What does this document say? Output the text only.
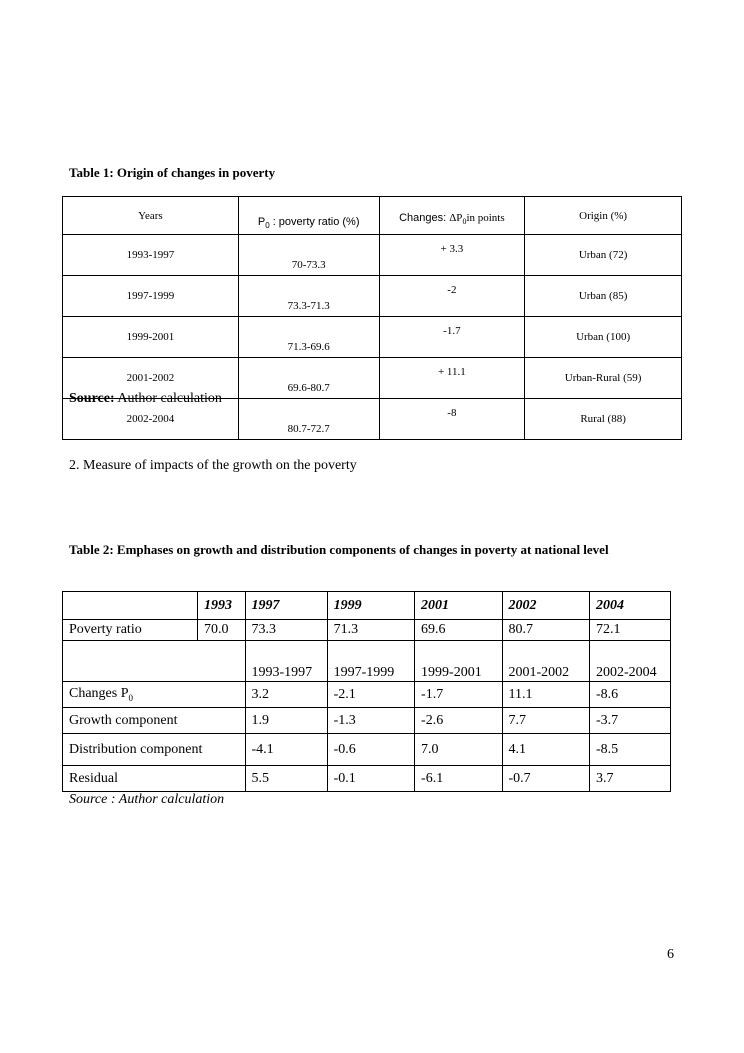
Table 1: Origin of changes in poverty
Years	$P_0$ : poverty ratio (%)	Changes: $\Delta P_0in$ points	Origin (%)
1993-1997	70-73.3	+ 3.3	Urban (72)
1997-1999	73.3-71.3	-2	Urban (85)
1999-2001	71.3-69.6	-1.7	Urban (100)
2001-2002	69.6-80.7	+ 11.1	Urban-Rural (59)
2002-2004	80.7-72.7	-8	Rural (88)
Source: Author calculation
2. Measure of impacts of the growth on the poverty
Table 2: Emphases on growth and distribution components of changes in poverty at national level
	1993	1997	1999	2001	2002	2004
Poverty ratio	70.0	73.3	71.3	69.6	80.7	72.1
		1993-1997	1997-1999	1999-2001	2001-2002	2002-2004
Changes $P_0$		3.2	-2.1	-1.7	11.1	-8.6
Growth component		1.9	-1.3	-2.6	7.7	-3.7
Distribution component		-4.1	-0.6	7.0	4.1	-8.5
Residual		5.5	-0.1	-6.1	-0.7	3.7
Source : Author calculation
6
